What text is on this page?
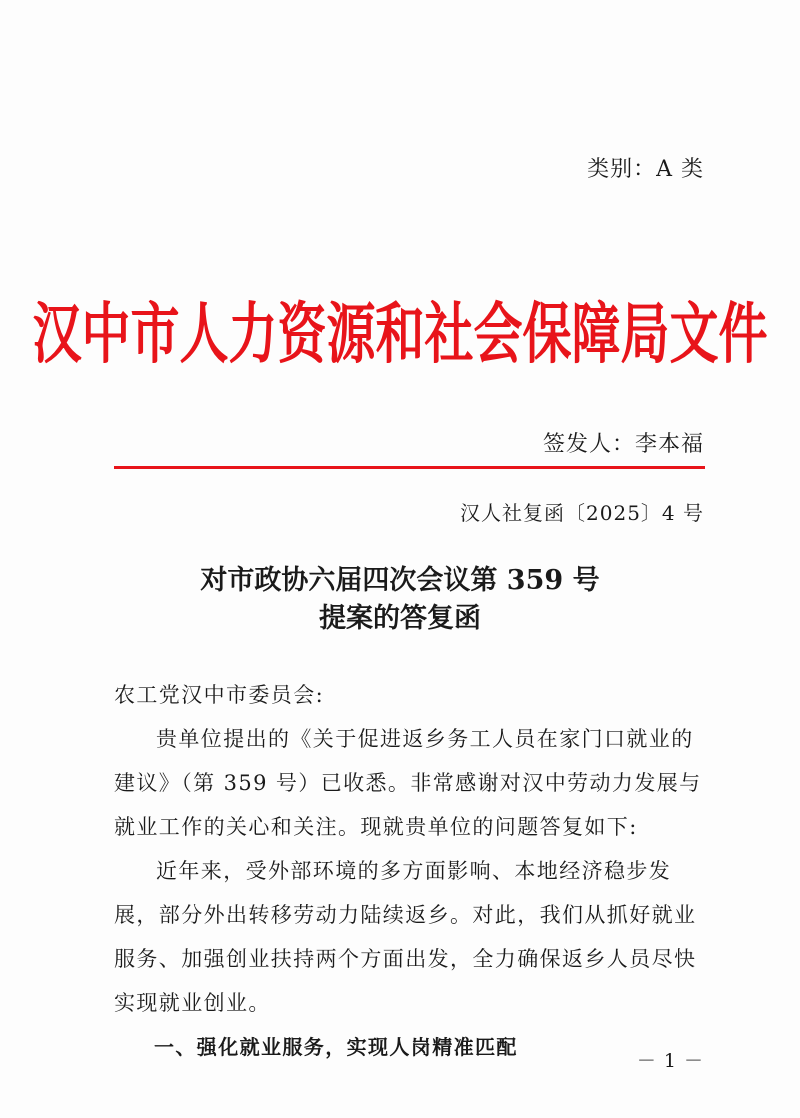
类别：A 类
汉中市人力资源和社会保障局文件
签发人：李本福
汉人社复函〔2025〕4 号
对市政协六届四次会议第 359 号
提案的答复函

农工党汉中市委员会:

贵单位提出的《关于促进返乡务工人员在家门口就业的建议》（第 359 号）已收悉。非常感谢对汉中劳动力发展与就业工作的关心和关注。现就贵单位的问题答复如下:

近年来，受外部环境的多方面影响、本地经济稳步发展，部分外出转移劳动力陆续返乡。对此，我们从抓好就业服务、加强创业扶持两个方面出发，全力确保返乡人员尽快实现就业创业。

一、强化就业服务，实现人岗精准匹配

－ 1 －
